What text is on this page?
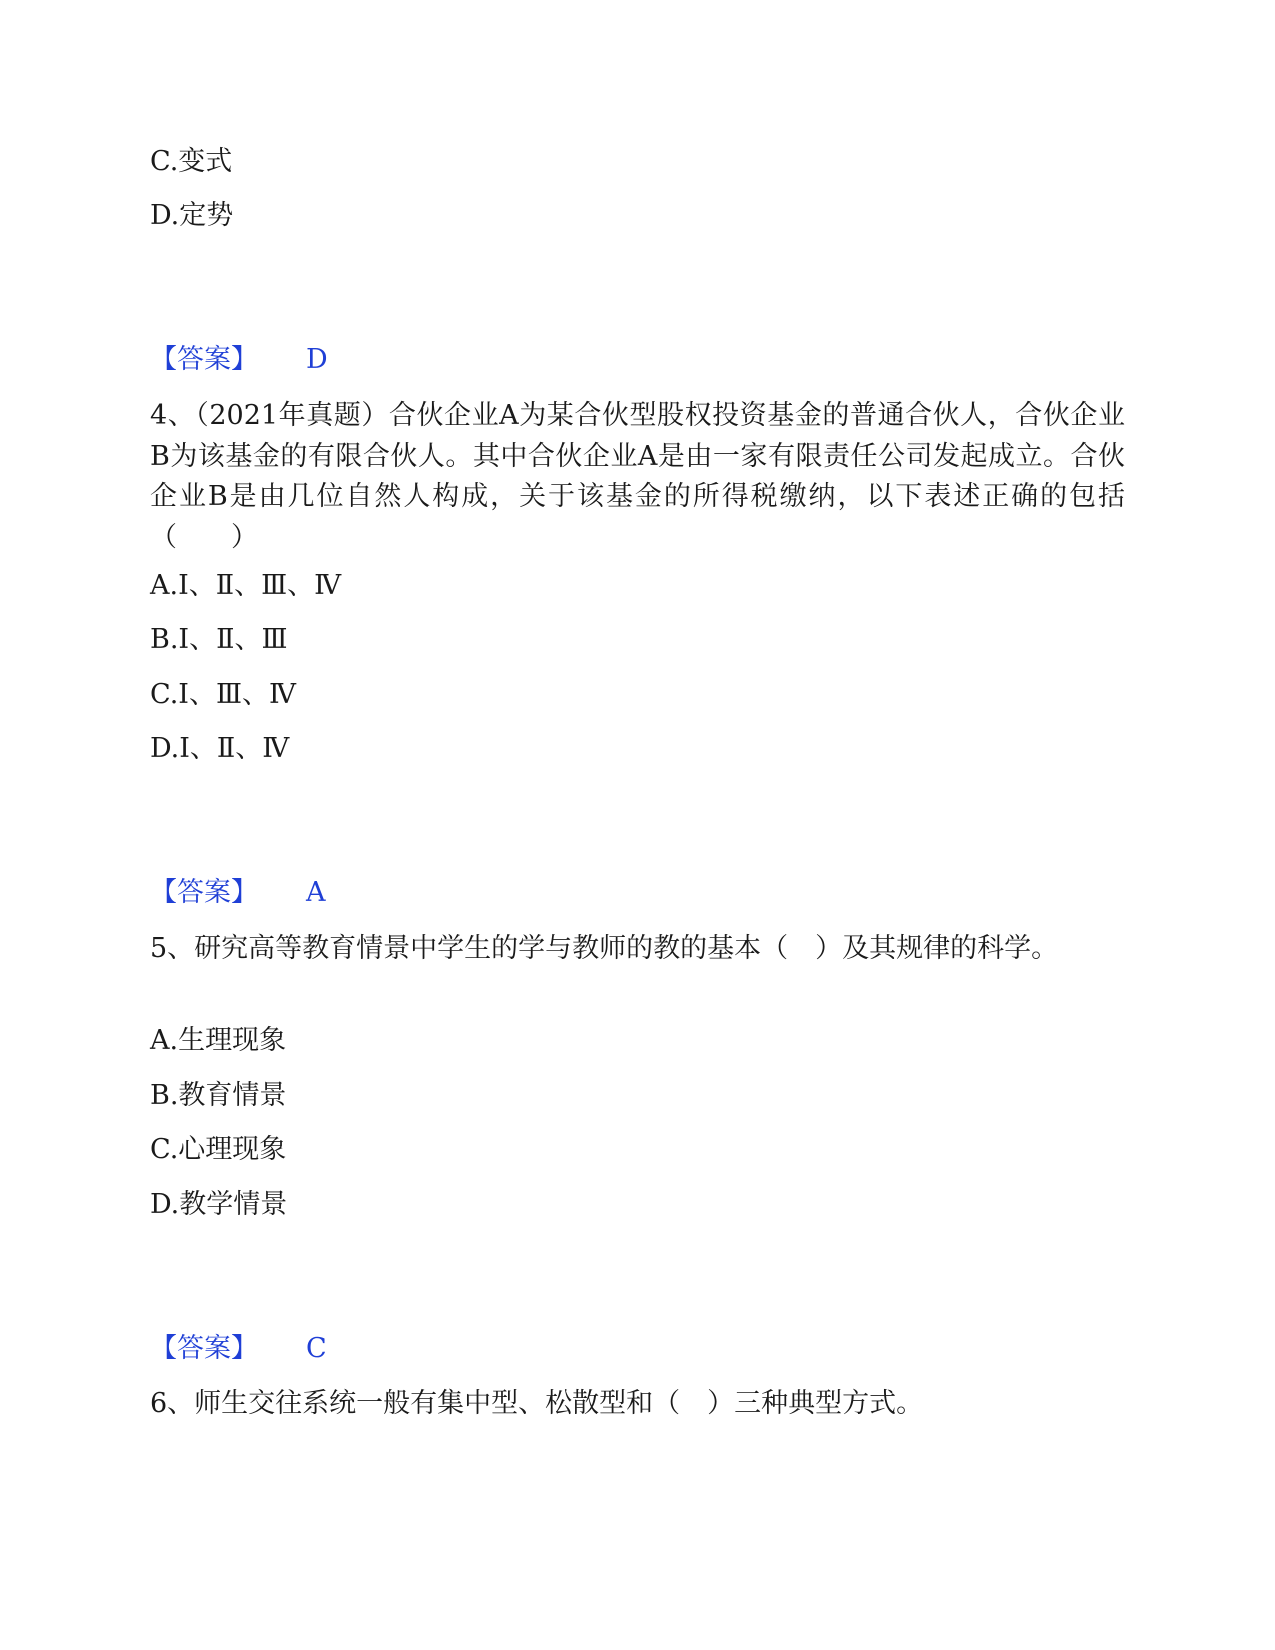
C.变式
D.定势
【答案】 D
4、（2021年真题）合伙企业A为某合伙型股权投资基金的普通合伙人，合伙企业B为该基金的有限合伙人。其中合伙企业A是由一家有限责任公司发起成立。合伙企业B是由几位自然人构成，关于该基金的所得税缴纳，以下表述正确的包括（　　）
A.Ⅰ、Ⅱ、Ⅲ、Ⅳ
B.Ⅰ、Ⅱ、Ⅲ
C.Ⅰ、Ⅲ、Ⅳ
D.Ⅰ、Ⅱ、Ⅳ
【答案】 A
5、研究高等教育情景中学生的学与教师的教的基本（　）及其规律的科学。
A.生理现象
B.教育情景
C.心理现象
D.教学情景
【答案】 C
6、师生交往系统一般有集中型、松散型和（　）三种典型方式。
